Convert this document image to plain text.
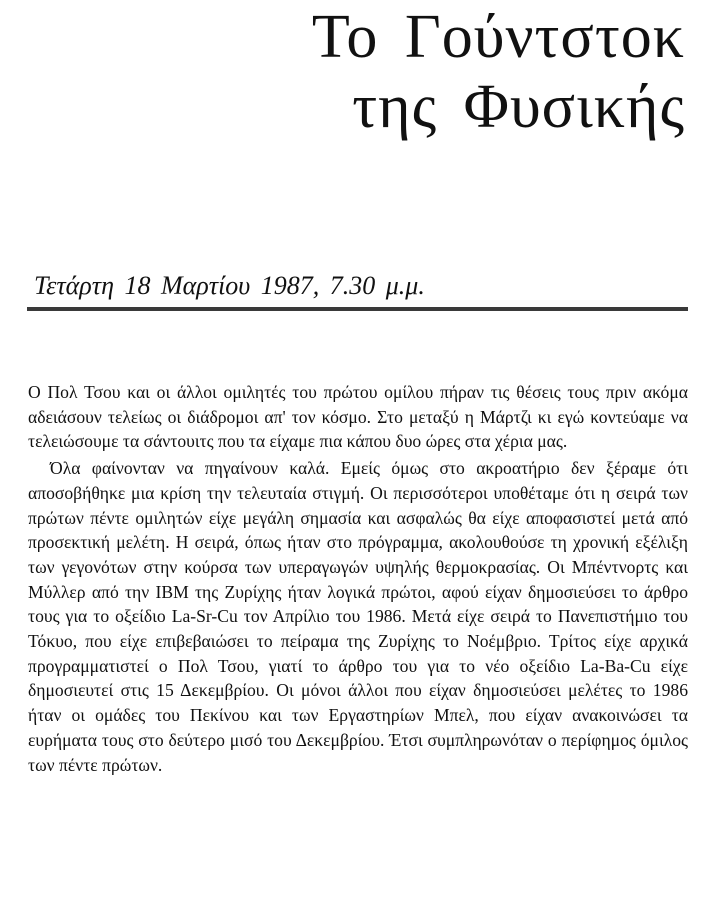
Το Γούντστοκ
της Φυσικής
Τετάρτη 18 Μαρτίου 1987, 7.30 μ.μ.

Ο Πολ Τσου και οι άλλοι ομιλητές του πρώτου ομίλου πήραν τις θέσεις τους πριν ακόμα αδειάσουν τελείως οι διάδρομοι απ' τον κόσμο. Στο μεταξύ η Μάρτζι κι εγώ κοντεύαμε να τελειώσουμε τα σάντουιτς που τα είχαμε πια κάπου δυο ώρες στα χέρια μας.

Όλα φαίνονταν να πηγαίνουν καλά. Εμείς όμως στο ακροατήριο δεν ξέραμε ότι αποσοβήθηκε μια κρίση την τελευταία στιγμή. Οι περισσότεροι υποθέταμε ότι η σειρά των πρώτων πέντε ομιλητών είχε μεγάλη σημασία και ασφαλώς θα είχε αποφασιστεί μετά από προσεκτική μελέτη. Η σειρά, όπως ήταν στο πρόγραμμα, ακολουθούσε τη χρονική εξέλιξη των γεγονότων στην κούρσα των υπεραγωγών υψηλής θερμοκρασίας. Οι Μπέντνορτς και Μύλλερ από την IBM της Ζυρίχης ήταν λογικά πρώτοι, αφού είχαν δημοσιεύσει το άρθρο τους για το οξείδιο La-Sr-Cu τον Απρίλιο του 1986. Μετά είχε σειρά το Πανεπιστήμιο του Τόκυο, που είχε επιβεβαιώσει το πείραμα της Ζυρίχης το Νοέμβριο. Τρίτος είχε αρχικά προγραμματιστεί ο Πολ Τσου, γιατί το άρθρο του για το νέο οξείδιο La-Ba-Cu είχε δημοσιευτεί στις 15 Δεκεμβρίου. Οι μόνοι άλλοι που είχαν δημοσιεύσει μελέτες το 1986 ήταν οι ομάδες του Πεκίνου και των Εργαστηρίων Μπελ, που είχαν ανακοινώσει τα ευρήματα τους στο δεύτερο μισό του Δεκεμβρίου. Έτσι συμπληρωνόταν ο περίφημος όμιλος των πέντε πρώτων.
